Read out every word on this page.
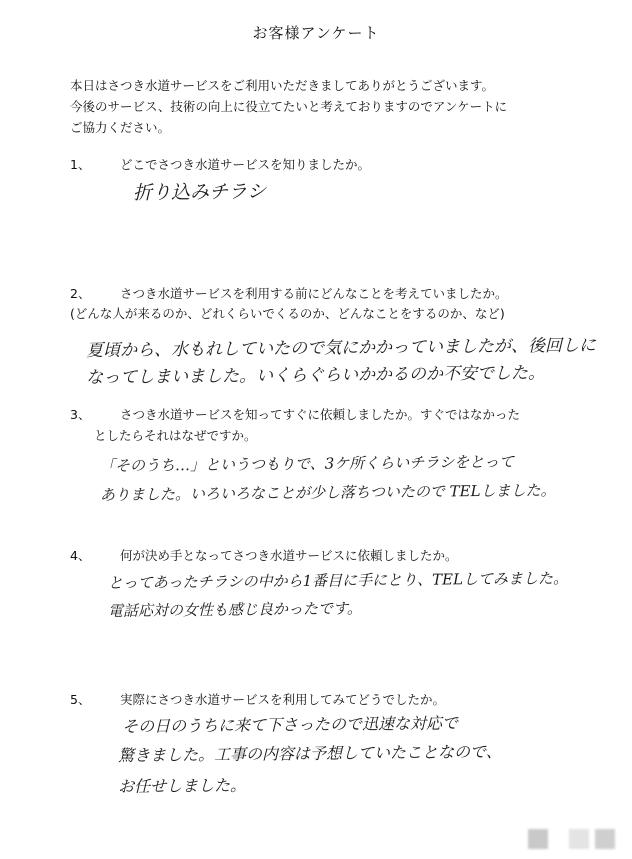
お客様アンケート
本日はさつき水道サービスをご利用いただきましてありがとうございます。
今後のサービス、技術の向上に役立てたいと考えておりますのでアンケートに
ご協力ください。
1、 どこでさつき水道サービスを知りましたか。
折り込みチラシ
2、 さつき水道サービスを利用する前にどんなことを考えていましたか。
(どんな人が来るのか、どれくらいでくるのか、どんなことをするのか、など)
夏頃から、水もれしていたので気にかかっていましたが、後回しに
なってしまいました。いくらぐらいかかるのか不安でした。
3、 さつき水道サービスを知ってすぐに依頼しましたか。すぐではなかった
としたらそれはなぜですか。
「そのうち…」というつもりで、3ケ所くらいチラシをとって
ありました。いろいろなことが少し落ちついたので TELしました。
4、 何が決め手となってさつき水道サービスに依頼しましたか。
とってあったチラシの中から1番目に手にとり、TELしてみました。
電話応対の女性も感じ良かったです。
5、 実際にさつき水道サービスを利用してみてどうでしたか。
その日のうちに来て下さったので迅速な対応で
驚きました。工事の内容は予想していたことなので、
お任せしました。
